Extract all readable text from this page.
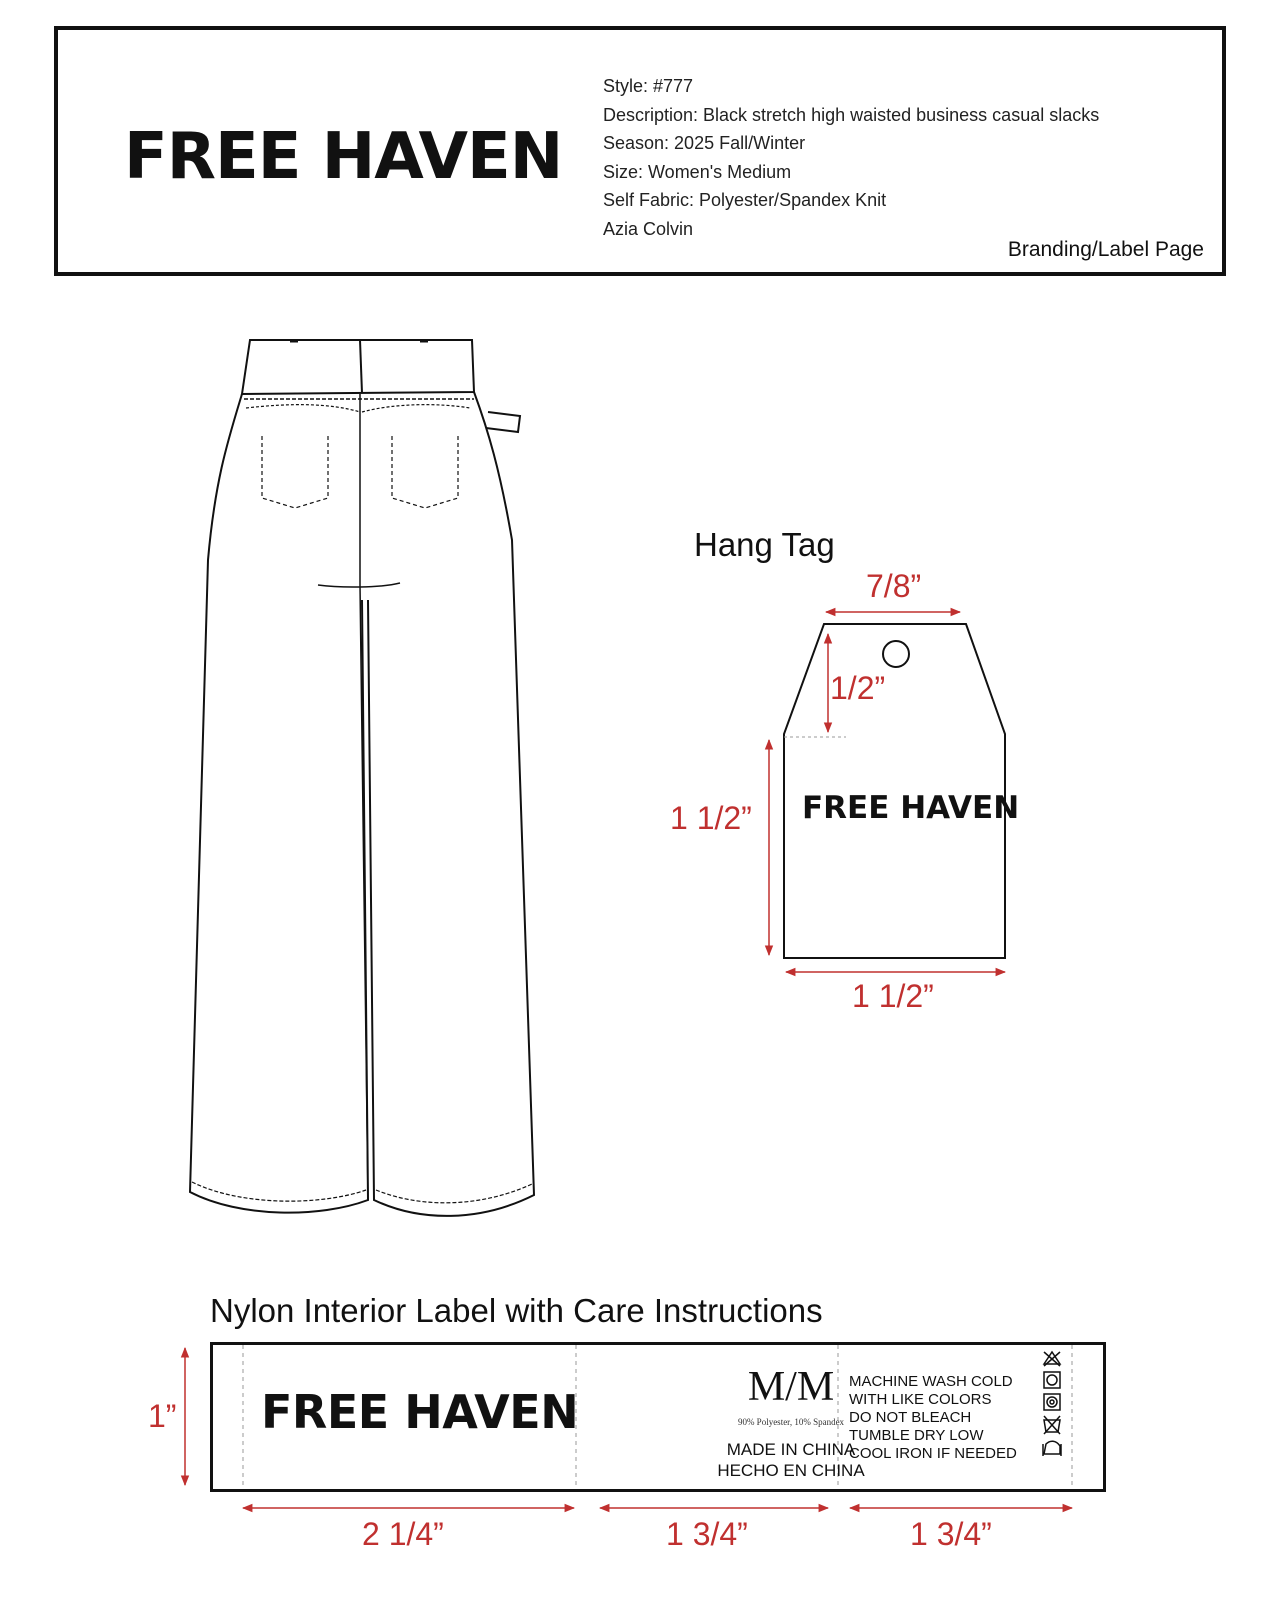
FREE HAVEN
Style: #777
Description: Black stretch high waisted business casual slacks
Season: 2025 Fall/Winter
Size: Women's Medium
Self Fabric: Polyester/Spandex Knit
Azia Colvin
Branding/Label Page
Hang Tag
7/8”
1/2”
1 1/2”
1 1/2”
FREE HAVEN
Nylon Interior Label with Care Instructions
FREE HAVEN	M/M
90% Polyester, 10% Spandex
MADE IN CHINA
HECHO EN CHINA
MACHINE WASH COLD
WITH LIKE COLORS
DO NOT BLEACH
TUMBLE DRY LOW
COOL IRON IF NEEDED
1”
2 1/4”	1 3/4”	1 3/4”
